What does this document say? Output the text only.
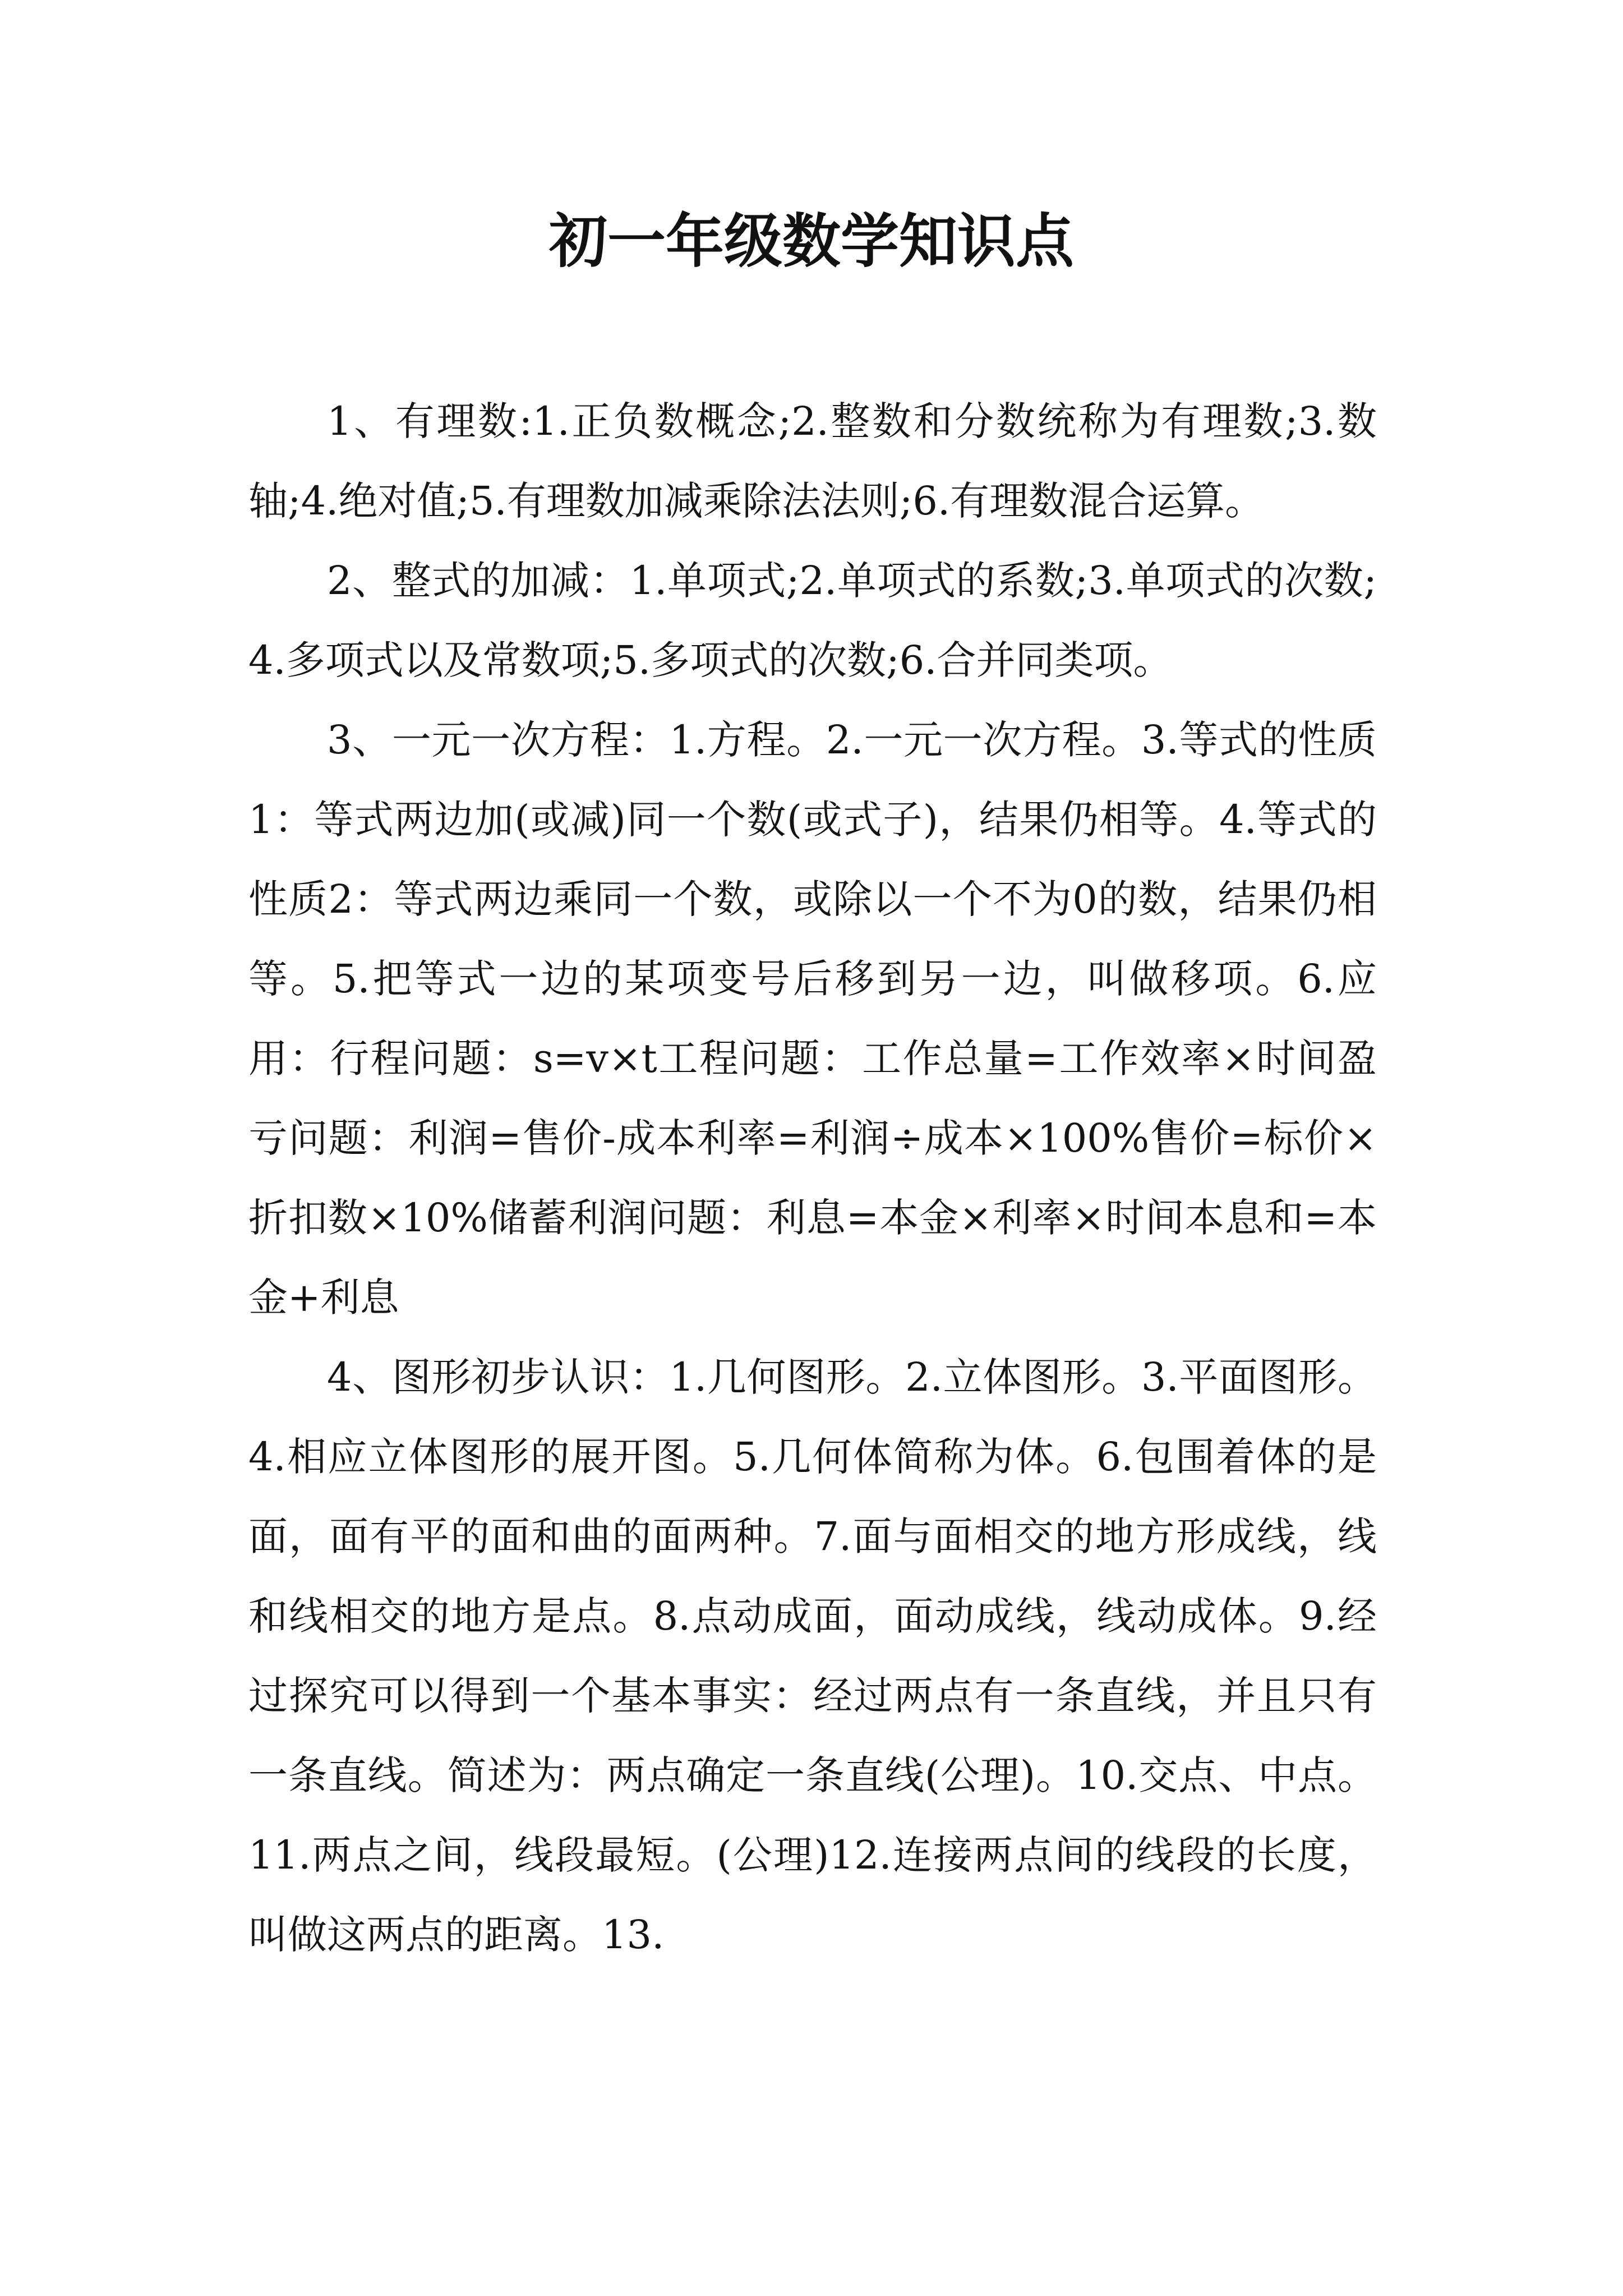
初一年级数学知识点

1、有理数:1.正负数概念;2.整数和分数统称为有理数;3.数轴;4.绝对值;5.有理数加减乘除法法则;6.有理数混合运算。

2、整式的加减：1.单项式;2.单项式的系数;3.单项式的次数;4.多项式以及常数项;5.多项式的次数;6.合并同类项。

3、一元一次方程：1.方程。2.一元一次方程。3.等式的性质1：等式两边加(或减)同一个数(或式子)，结果仍相等。4.等式的性质2：等式两边乘同一个数，或除以一个不为0的数，结果仍相等。5.把等式一边的某项变号后移到另一边，叫做移项。6.应用：行程问题：s=v×t工程问题：工作总量=工作效率×时间盈亏问题：利润=售价-成本利率=利润÷成本×100%售价=标价×折扣数×10%储蓄利润问题：利息=本金×利率×时间本息和=本金+利息

4、图形初步认识：1.几何图形。2.立体图形。3.平面图形。4.相应立体图形的展开图。5.几何体简称为体。6.包围着体的是面，面有平的面和曲的面两种。7.面与面相交的地方形成线，线和线相交的地方是点。8.点动成面，面动成线，线动成体。9.经过探究可以得到一个基本事实：经过两点有一条直线，并且只有一条直线。简述为：两点确定一条直线(公理)。10.交点、中点。11.两点之间，线段最短。(公理)12.连接两点间的线段的长度，叫做这两点的距离。13.
